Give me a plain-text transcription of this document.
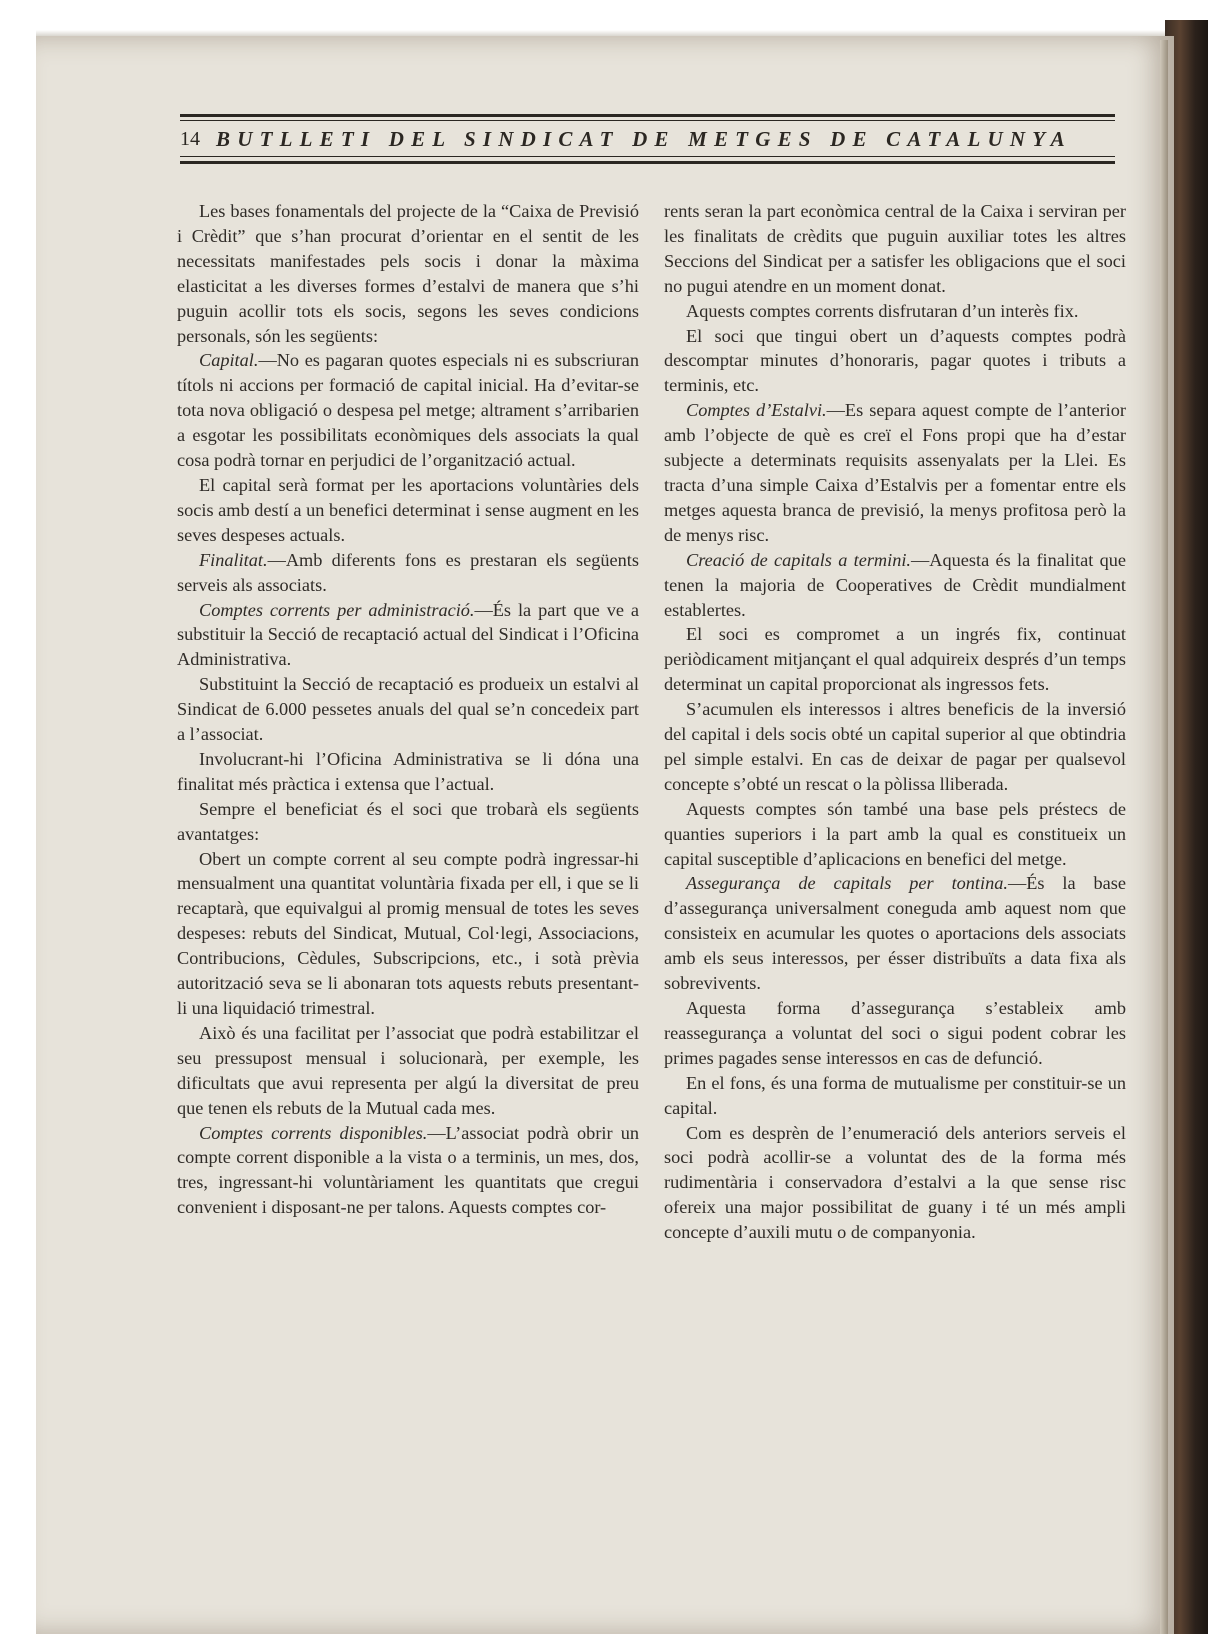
14 BUTLLETI DEL SINDICAT DE METGES DE CATALUNYA

Les bases fonamentals del projecte de la “Caixa de Previsió i Crèdit” que s’han procurat d’orientar en el sentit de les necessitats manifestades pels socis i donar la màxima elasticitat a les diverses formes d’estalvi de manera que s’hi puguin acollir tots els socis, segons les seves condicions personals, són les següents:

Capital.—No es pagaran quotes especials ni es subscriuran títols ni accions per formació de capital inicial. Ha d’evitar-se tota nova obligació o despesa pel metge; altrament s’arribarien a esgotar les possibilitats econòmiques dels associats la qual cosa podrà tornar en perjudici de l’organització actual.

El capital serà format per les aportacions voluntàries dels socis amb destí a un benefici determinat i sense augment en les seves despeses actuals.

Finalitat.—Amb diferents fons es prestaran els següents serveis als associats.

Comptes corrents per administració.—És la part que ve a substituir la Secció de recaptació actual del Sindicat i l’Oficina Administrativa.

Substituint la Secció de recaptació es produeix un estalvi al Sindicat de 6.000 pessetes anuals del qual se’n concedeix part a l’associat.

Involucrant-hi l’Oficina Administrativa se li dóna una finalitat més pràctica i extensa que l’actual.

Sempre el beneficiat és el soci que trobarà els següents avantatges:

Obert un compte corrent al seu compte podrà ingressar-hi mensualment una quantitat voluntària fixada per ell, i que se li recaptarà, que equivalgui al promig mensual de totes les seves despeses: rebuts del Sindicat, Mutual, Col·legi, Associacions, Contribucions, Cèdules, Subscripcions, etc., i sotà prèvia autorització seva se li abonaran tots aquests rebuts presentant-li una liquidació trimestral.

Això és una facilitat per l’associat que podrà estabilitzar el seu pressupost mensual i solucionarà, per exemple, les dificultats que avui representa per algú la diversitat de preu que tenen els rebuts de la Mutual cada mes.

Comptes corrents disponibles.—L’associat podrà obrir un compte corrent disponible a la vista o a terminis, un mes, dos, tres, ingressant-hi voluntàriament les quantitats que cregui convenient i disposant-ne per talons. Aquests comptes cor-

rents seran la part econòmica central de la Caixa i serviran per les finalitats de crèdits que puguin auxiliar totes les altres Seccions del Sindicat per a satisfer les obligacions que el soci no pugui atendre en un moment donat.

Aquests comptes corrents disfrutaran d’un interès fix.

El soci que tingui obert un d’aquests comptes podrà descomptar minutes d’honoraris, pagar quotes i tributs a terminis, etc.

Comptes d’Estalvi.—Es separa aquest compte de l’anterior amb l’objecte de què es creï el Fons propi que ha d’estar subjecte a determinats requisits assenyalats per la Llei. Es tracta d’una simple Caixa d’Estalvis per a fomentar entre els metges aquesta branca de previsió, la menys profitosa però la de menys risc.

Creació de capitals a termini.—Aquesta és la finalitat que tenen la majoria de Cooperatives de Crèdit mundialment establertes.

El soci es compromet a un ingrés fix, continuat periòdicament mitjançant el qual adquireix després d’un temps determinat un capital proporcionat als ingressos fets.

S’acumulen els interessos i altres beneficis de la inversió del capital i dels socis obté un capital superior al que obtindria pel simple estalvi. En cas de deixar de pagar per qualsevol concepte s’obté un rescat o la pòlissa lliberada.

Aquests comptes són també una base pels préstecs de quanties superiors i la part amb la qual es constitueix un capital susceptible d’aplicacions en benefici del metge.

Assegurança de capitals per tontina.—És la base d’assegurança universalment coneguda amb aquest nom que consisteix en acumular les quotes o aportacions dels associats amb els seus interessos, per ésser distribuïts a data fixa als sobrevivents.

Aquesta forma d’assegurança s’estableix amb reassegurança a voluntat del soci o sigui podent cobrar les primes pagades sense interessos en cas de defunció.

En el fons, és una forma de mutualisme per constituir-se un capital.

Com es desprèn de l’enumeració dels anteriors serveis el soci podrà acollir-se a voluntat des de la forma més rudimentària i conservadora d’estalvi a la que sense risc ofereix una major possibilitat de guany i té un més ampli concepte d’auxili mutu o de companyonia.
